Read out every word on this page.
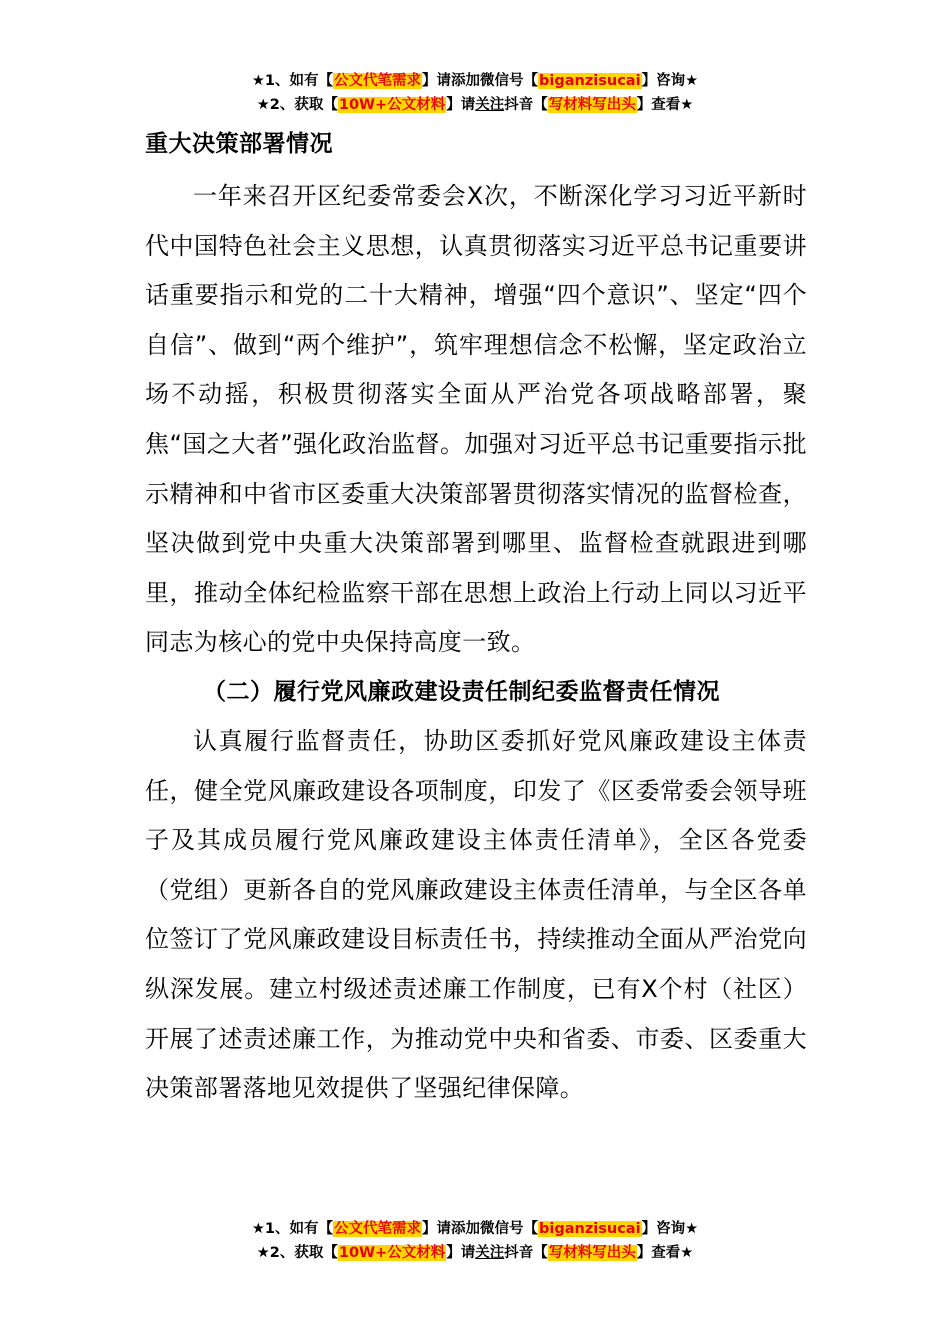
★1、如有【公文代笔需求】请添加微信号【biganzisucai】咨询★
★2、获取【10W+公文材料】请关注抖音【写材料写出头】查看★
重大决策部署情况

一年来召开区纪委常委会X次，不断深化学习习近平新时代中国特色社会主义思想，认真贯彻落实习近平总书记重要讲话重要指示和党的二十大精神，增强“四个意识”、坚定“四个自信”、做到“两个维护”，筑牢理想信念不松懈，坚定政治立场不动摇，积极贯彻落实全面从严治党各项战略部署，聚焦“国之大者”强化政治监督。加强对习近平总书记重要指示批示精神和中省市区委重大决策部署贯彻落实情况的监督检查，坚决做到党中央重大决策部署到哪里、监督检查就跟进到哪里，推动全体纪检监察干部在思想上政治上行动上同以习近平同志为核心的党中央保持高度一致。

（二）履行党风廉政建设责任制纪委监督责任情况

认真履行监督责任，协助区委抓好党风廉政建设主体责任，健全党风廉政建设各项制度，印发了《区委常委会领导班子及其成员履行党风廉政建设主体责任清单》，全区各党委（党组）更新各自的党风廉政建设主体责任清单，与全区各单位签订了党风廉政建设目标责任书，持续推动全面从严治党向纵深发展。建立村级述责述廉工作制度，已有X个村（社区）开展了述责述廉工作，为推动党中央和省委、市委、区委重大决策部署落地见效提供了坚强纪律保障。

★1、如有【公文代笔需求】请添加微信号【biganzisucai】咨询★
★2、获取【10W+公文材料】请关注抖音【写材料写出头】查看★
